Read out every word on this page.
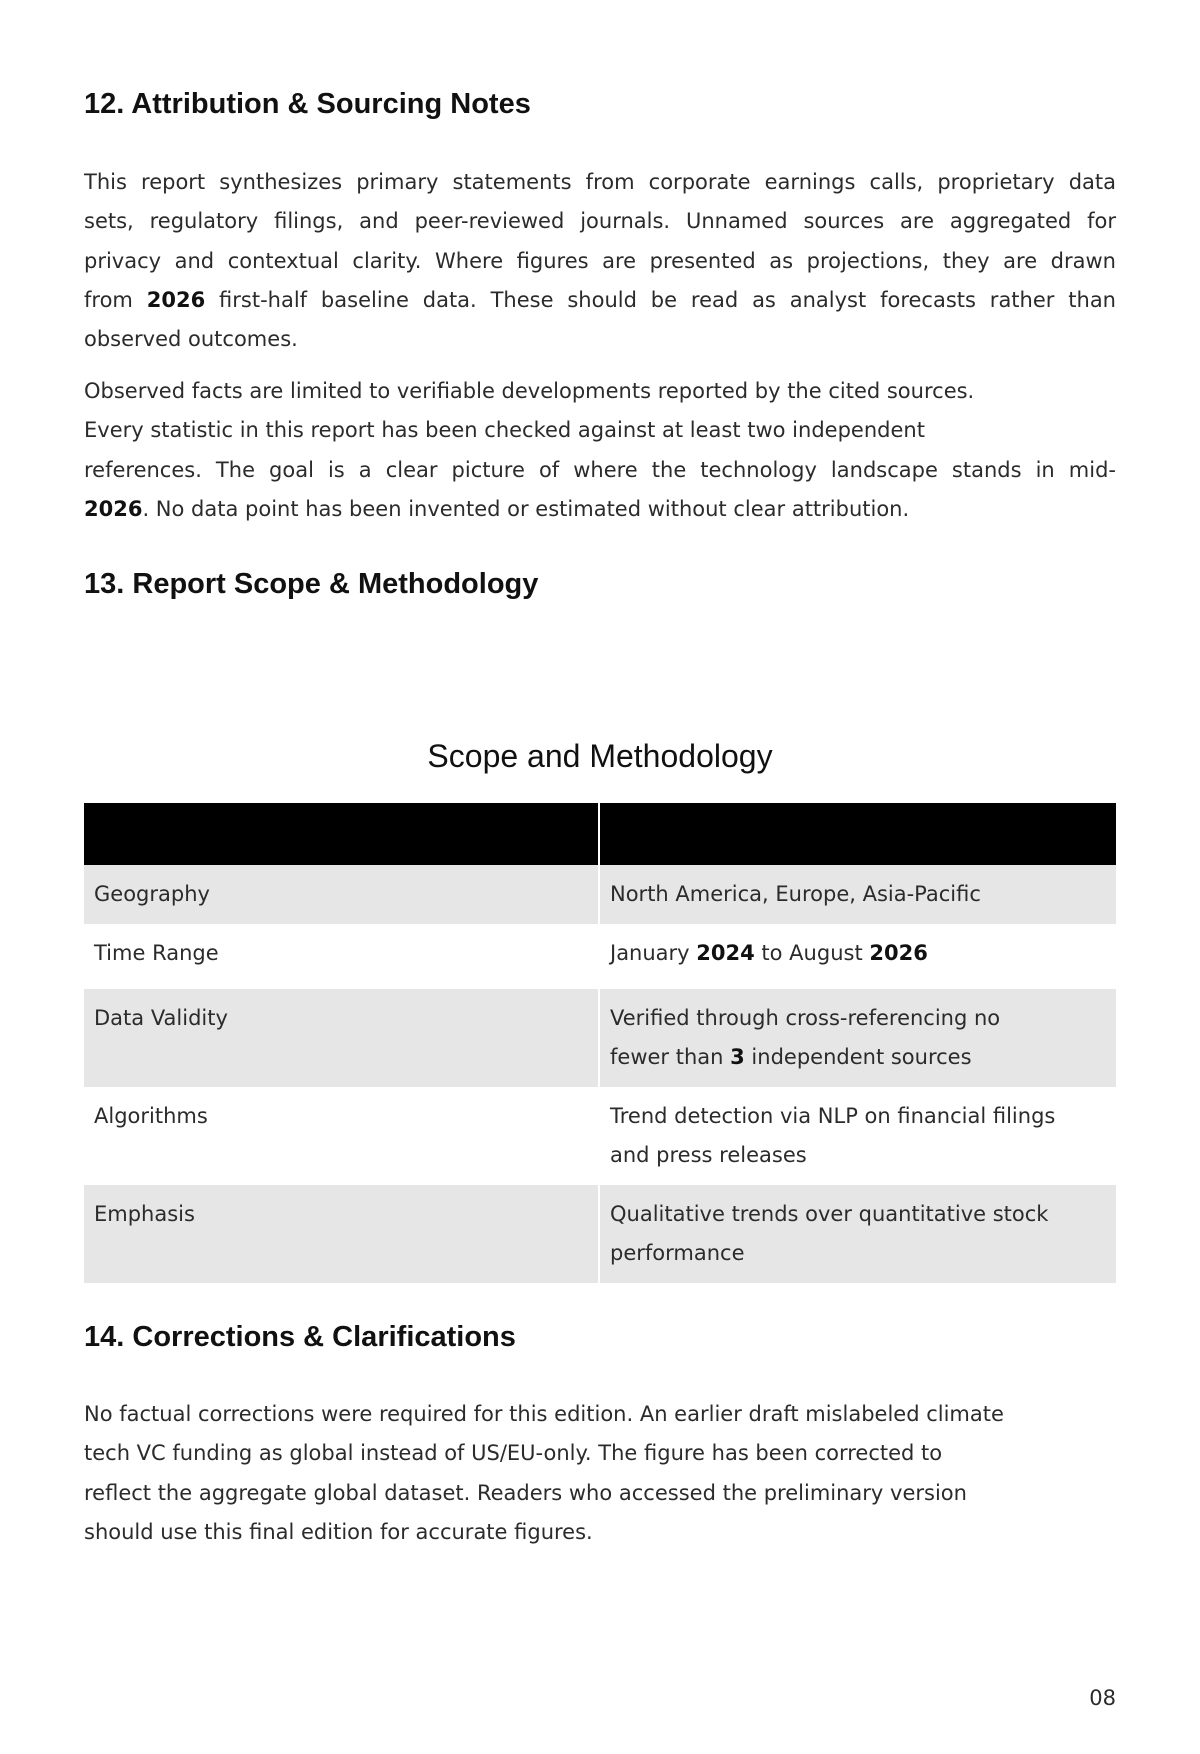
12. Attribution & Sourcing Notes
This report synthesizes primary statements from corporate earnings calls, proprietary data
sets, regulatory filings, and peer-reviewed journals. Unnamed sources are aggregated for
privacy and contextual clarity. Where figures are presented as projections, they are drawn
from 2026 first-half baseline data. These should be read as analyst forecasts rather than
observed outcomes.
Observed facts are limited to verifiable developments reported by the cited sources.
Every statistic in this report has been checked against at least two independent
references. The goal is a clear picture of where the technology landscape stands in mid-
2026. No data point has been invented or estimated without clear attribution.
13. Report Scope & Methodology
Scope and Methodology

Geography	North America, Europe, Asia-Pacific
Time Range	January 2024 to August 2026
Data Validity	Verified through cross-referencing no
fewer than 3 independent sources

Algorithms	Trend detection via NLP on financial filings
and press releases

Emphasis	Qualitative trends over quantitative stock
performance
14. Corrections & Clarifications
No factual corrections were required for this edition. An earlier draft mislabeled climate
tech VC funding as global instead of US/EU-only. The figure has been corrected to
reflect the aggregate global dataset. Readers who accessed the preliminary version
should use this final edition for accurate figures.
08
